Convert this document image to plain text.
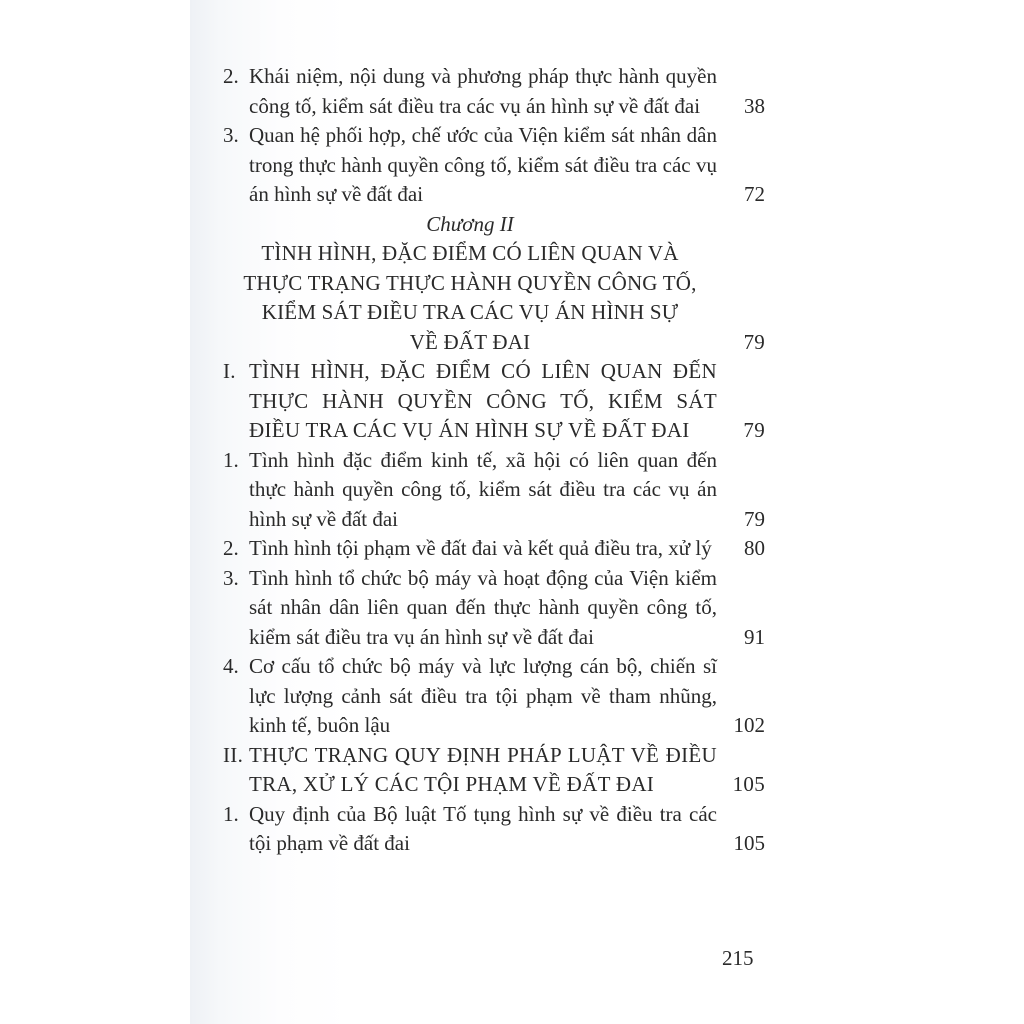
2. Khái niệm, nội dung và phương pháp thực hành quyền công tố, kiểm sát điều tra các vụ án hình sự về đất đai	38
3. Quan hệ phối hợp, chế ước của Viện kiểm sát nhân dân trong thực hành quyền công tố, kiểm sát điều tra các vụ án hình sự về đất đai	72
Chương II
TÌNH HÌNH, ĐẶC ĐIỂM CÓ LIÊN QUAN VÀ
THỰC TRẠNG THỰC HÀNH QUYỀN CÔNG TỐ,
KIỂM SÁT ĐIỀU TRA CÁC VỤ ÁN HÌNH SỰ
VỀ ĐẤT ĐAI	79
I. TÌNH HÌNH, ĐẶC ĐIỂM CÓ LIÊN QUAN ĐẾN THỰC HÀNH QUYỀN CÔNG TỐ, KIỂM SÁT ĐIỀU TRA CÁC VỤ ÁN HÌNH SỰ VỀ ĐẤT ĐAI	79
1. Tình hình đặc điểm kinh tế, xã hội có liên quan đến thực hành quyền công tố, kiểm sát điều tra các vụ án hình sự về đất đai	79
2. Tình hình tội phạm về đất đai và kết quả điều tra, xử lý 80
3. Tình hình tổ chức bộ máy và hoạt động của Viện kiểm sát nhân dân liên quan đến thực hành quyền công tố, kiểm sát điều tra vụ án hình sự về đất đai	91
4. Cơ cấu tổ chức bộ máy và lực lượng cán bộ, chiến sĩ lực lượng cảnh sát điều tra tội phạm về tham nhũng, kinh tế, buôn lậu	102
II. THỰC TRẠNG QUY ĐỊNH PHÁP LUẬT VỀ ĐIỀU TRA, XỬ LÝ CÁC TỘI PHẠM VỀ ĐẤT ĐAI	105
1. Quy định của Bộ luật Tố tụng hình sự về điều tra các tội phạm về đất đai	105
215
